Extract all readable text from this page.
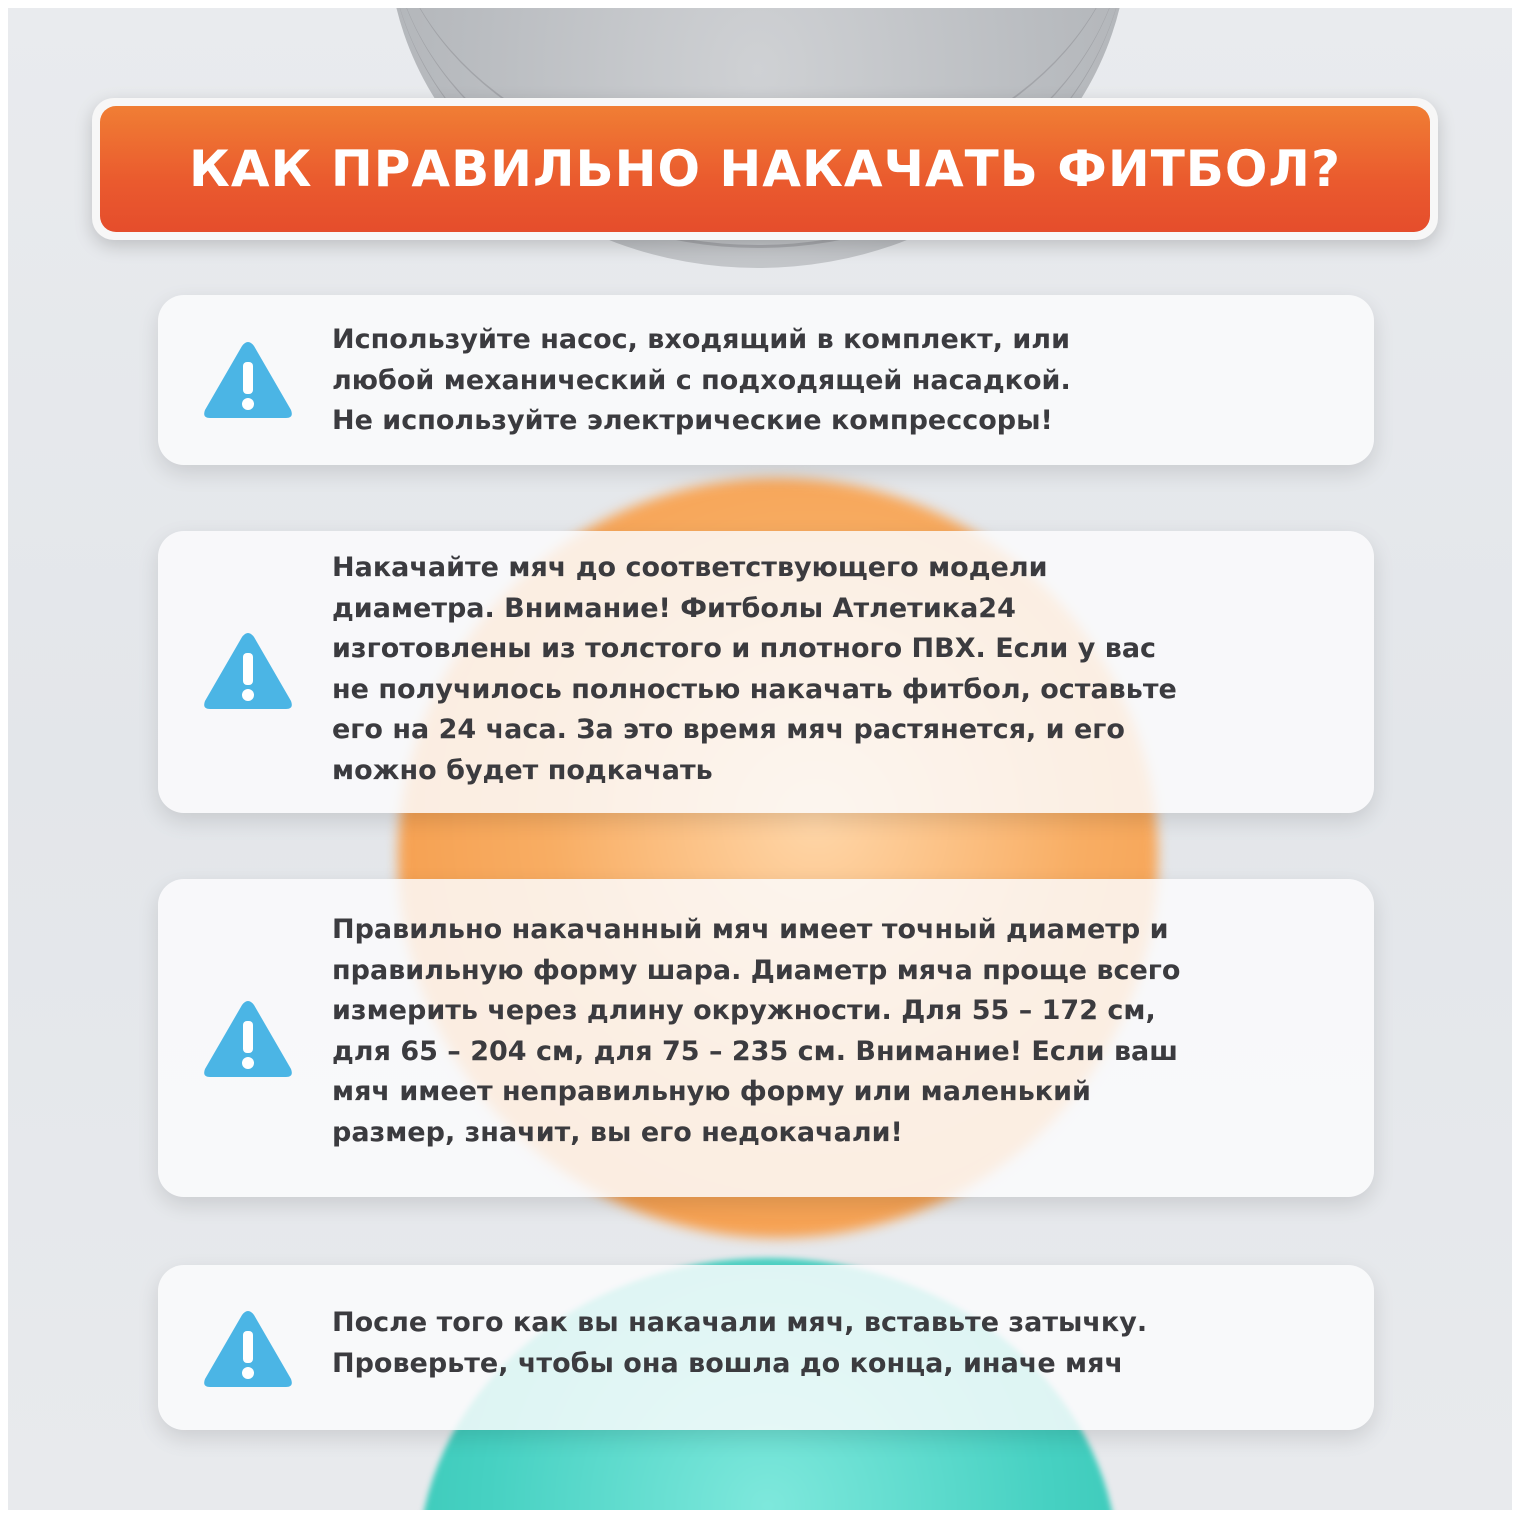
КАК ПРАВИЛЬНО НАКАЧАТЬ ФИТБОЛ?
Используйте насос, входящий в комплект, или
любой механический с подходящей насадкой.
Не используйте электрические компрессоры!
Накачайте мяч до соответствующего модели
диаметра. Внимание! Фитболы Атлетика24
изготовлены из толстого и плотного ПВХ. Если у вас
не получилось полностью накачать фитбол, оставьте
его на 24 часа. За это время мяч растянется, и его
можно будет подкачать
Правильно накачанный мяч имеет точный диаметр и
правильную форму шара. Диаметр мяча проще всего
измерить через длину окружности. Для 55 – 172 см,
для 65 – 204 см, для 75 – 235 см. Внимание! Если ваш
мяч имеет неправильную форму или маленький
размер, значит, вы его недокачали!
После того как вы накачали мяч, вставьте затычку.
Проверьте, чтобы она вошла до конца, иначе мяч
